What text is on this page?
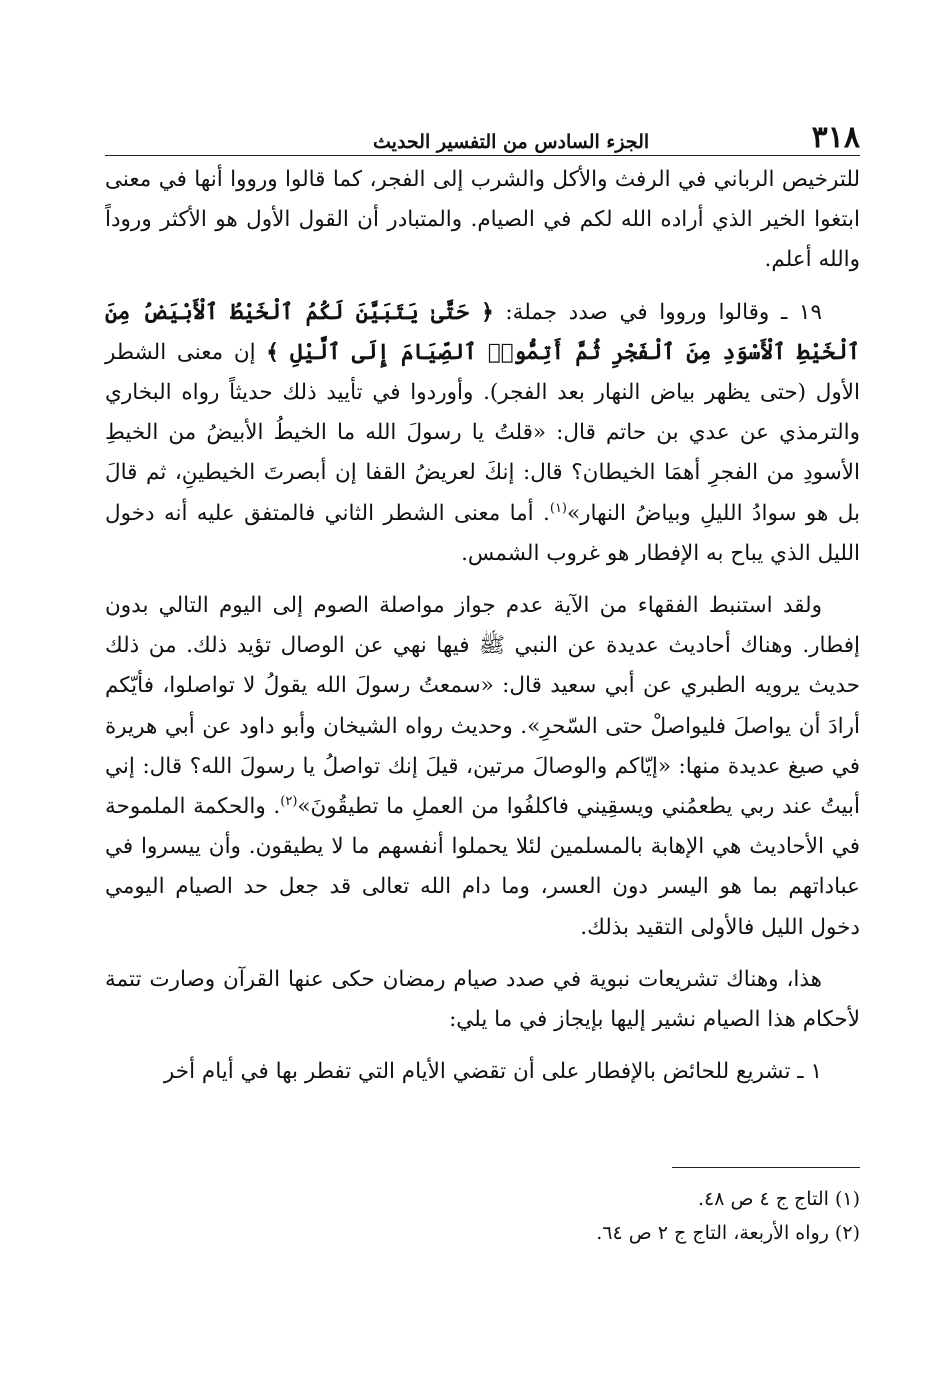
٣١٨
الجزء السادس من التفسير الحديث

للترخيص الرباني في الرفث والأكل والشرب إلى الفجر، كما قالوا ورووا أنها في معنى ابتغوا الخير الذي أراده الله لكم في الصيام. والمتبادر أن القول الأول هو الأكثر وروداً والله أعلم.

١٩ ـ وقالوا ورووا في صدد جملة: ﴿ حَتَّىٰ يَتَبَيَّنَ لَكُمُ ٱلْخَيْطُ ٱلْأَبْيَضُ مِنَ ٱلْخَيْطِ ٱلْأَسْوَدِ مِنَ ٱلْفَجْرِ ثُمَّ أَتِمُّوا۟ ٱلصِّيَامَ إِلَى ٱلَّيْلِ ﴾ إن معنى الشطر الأول (حتى يظهر بياض النهار بعد الفجر). وأوردوا في تأييد ذلك حديثاً رواه البخاري والترمذي عن عدي بن حاتم قال: «قلتُ يا رسولَ الله ما الخيطُ الأبيضُ من الخيطِ الأسودِ من الفجرِ أهمَا الخيطان؟ قال: إنكَ لعريضُ القفا إن أبصرتَ الخيطينِ، ثم قالَ بل هو سوادُ الليلِ وبياضُ النهار»$^{(١)}$. أما معنى الشطر الثاني فالمتفق عليه أنه دخول الليل الذي يباح به الإفطار هو غروب الشمس.

ولقد استنبط الفقهاء من الآية عدم جواز مواصلة الصوم إلى اليوم التالي بدون إفطار. وهناك أحاديث عديدة عن النبي ﷺ فيها نهي عن الوصال تؤيد ذلك. من ذلك حديث يرويه الطبري عن أبي سعيد قال: «سمعتُ رسولَ الله يقولُ لا تواصلوا، فأيّكم أرادَ أن يواصلَ فليواصلْ حتى السّحرِ». وحديث رواه الشيخان وأبو داود عن أبي هريرة في صيغ عديدة منها: «إيّاكم والوصالَ مرتين، قيلَ إنك تواصلُ يا رسولَ الله؟ قال: إني أبيتُ عند ربي يطعمُني ويسقِيني فاكلفُوا من العملِ ما تطيقُونَ»$^{(٢)}$. والحكمة الملموحة في الأحاديث هي الإهابة بالمسلمين لئلا يحملوا أنفسهم ما لا يطيقون. وأن ييسروا في عباداتهم بما هو اليسر دون العسر، وما دام الله تعالى قد جعل حد الصيام اليومي دخول الليل فالأولى التقيد بذلك.

هذا، وهناك تشريعات نبوية في صدد صيام رمضان حكى عنها القرآن وصارت تتمة لأحكام هذا الصيام نشير إليها بإيجاز في ما يلي:

١ ـ تشريع للحائض بالإفطار على أن تقضي الأيام التي تفطر بها في أيام أخر

(١) التاج ج ٤ ص ٤٨.

(٢) رواه الأربعة، التاج ج ٢ ص ٦٤.
